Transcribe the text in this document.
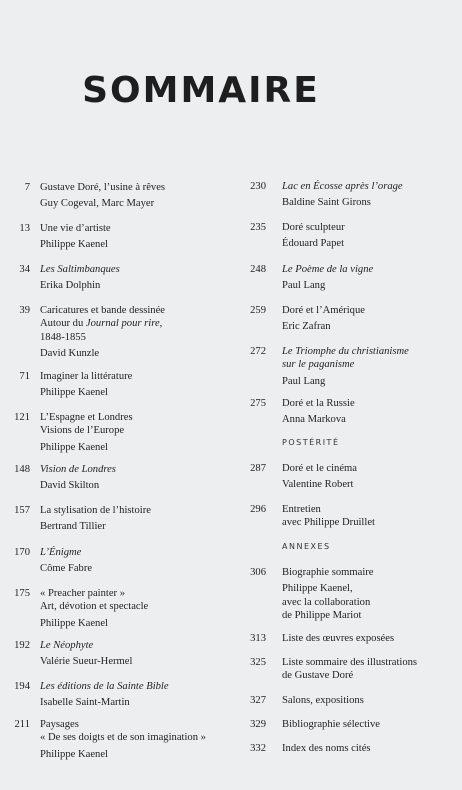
SOMMAIRE
7 Gustave Doré, l’usine à rêves
Guy Cogeval, Marc Mayer
13 Une vie d’artiste
Philippe Kaenel
34 Les Saltimbanques
Erika Dolphin
39 Caricatures et bande dessinée
Autour du Journal pour rire,
1848-1855
David Kunzle
71 Imaginer la littérature
Philippe Kaenel
121 L’Espagne et Londres
Visions de l’Europe
Philippe Kaenel
148 Vision de Londres
David Skilton
157 La stylisation de l’histoire
Bertrand Tillier
170 L’Énigme
Côme Fabre
175 « Preacher painter »
Art, dévotion et spectacle
Philippe Kaenel
192 Le Néophyte
Valérie Sueur-Hermel
194 Les éditions de la Sainte Bible
Isabelle Saint-Martin
211 Paysages
« De ses doigts et de son imagination »
Philippe Kaenel
230 Lac en Écosse après l’orage
Baldine Saint Girons
235 Doré sculpteur
Édouard Papet
248 Le Poème de la vigne
Paul Lang
259 Doré et l’Amérique
Eric Zafran
272 Le Triomphe du christianisme
sur le paganisme
Paul Lang
275 Doré et la Russie
Anna Markova
POSTÉRITÉ
287 Doré et le cinéma
Valentine Robert
296 Entretien
avec Philippe Druillet
ANNEXES
306 Biographie sommaire
Philippe Kaenel,
avec la collaboration
de Philippe Mariot
313 Liste des œuvres exposées
325 Liste sommaire des illustrations
de Gustave Doré
327 Salons, expositions
329 Bibliographie sélective
332 Index des noms cités
